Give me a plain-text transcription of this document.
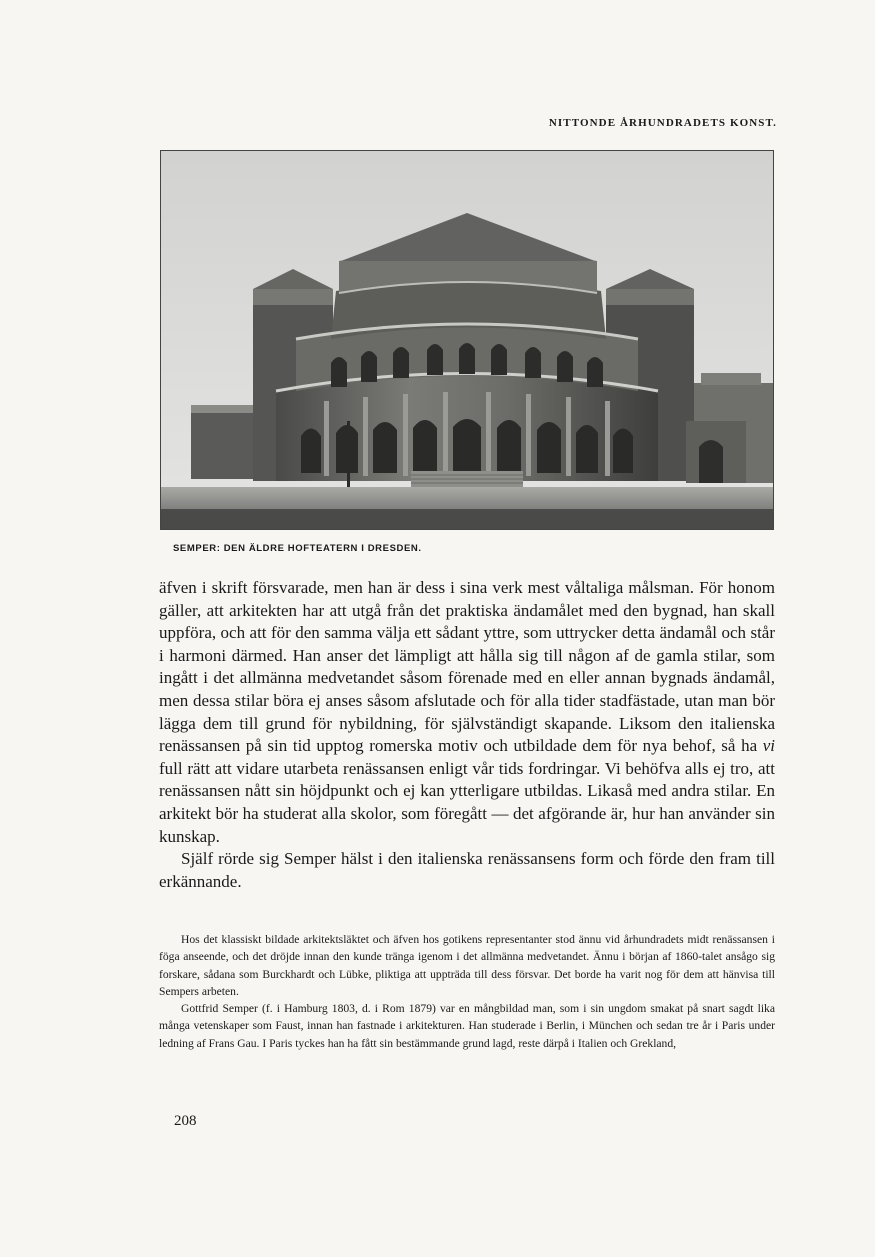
NITTONDE ÅRHUNDRADETS KONST.
SEMPER: DEN ÄLDRE HOFTEATERN I DRESDEN.

äfven i skrift försvarade, men han är dess i sina verk mest våltaliga målsman. För honom gäller, att arkitekten har att utgå från det praktiska ändamålet med den bygnad, han skall uppföra, och att för den samma välja ett sådant yttre, som uttrycker detta ändamål och står i harmoni därmed. Han anser det lämpligt att hålla sig till någon af de gamla stilar, som ingått i det allmänna medvetandet såsom förenade med en eller annan bygnads ändamål, men dessa stilar böra ej anses såsom afslutade och för alla tider stadfästade, utan man bör lägga dem till grund för nybildning, för självständigt skapande. Liksom den italienska renässansen på sin tid upptog romerska motiv och utbildade dem för nya behof, så ha vi full rätt att vidare utarbeta renässansen enligt vår tids fordringar. Vi behöfva alls ej tro, att renässansen nått sin höjdpunkt och ej kan ytterligare utbildas. Likaså med andra stilar. En arkitekt bör ha studerat alla skolor, som föregått — det afgörande är, hur han använder sin kunskap.

Själf rörde sig Semper hälst i den italienska renässansens form och förde den fram till erkännande.

Hos det klassiskt bildade arkitektsläktet och äfven hos gotikens representanter stod ännu vid århundradets midt renässansen i föga anseende, och det dröjde innan den kunde tränga igenom i det allmänna medvetandet. Ännu i början af 1860-talet ansågo sig forskare, sådana som Burckhardt och Lübke, pliktiga att uppträda till dess försvar. Det borde ha varit nog för dem att hänvisa till Sempers arbeten.

Gottfrid Semper (f. i Hamburg 1803, d. i Rom 1879) var en mångbildad man, som i sin ungdom smakat på snart sagdt lika många vetenskaper som Faust, innan han fastnade i arkitekturen. Han studerade i Berlin, i München och sedan tre år i Paris under ledning af Frans Gau. I Paris tyckes han ha fått sin bestämmande grund lagd, reste därpå i Italien och Grekland,

208
